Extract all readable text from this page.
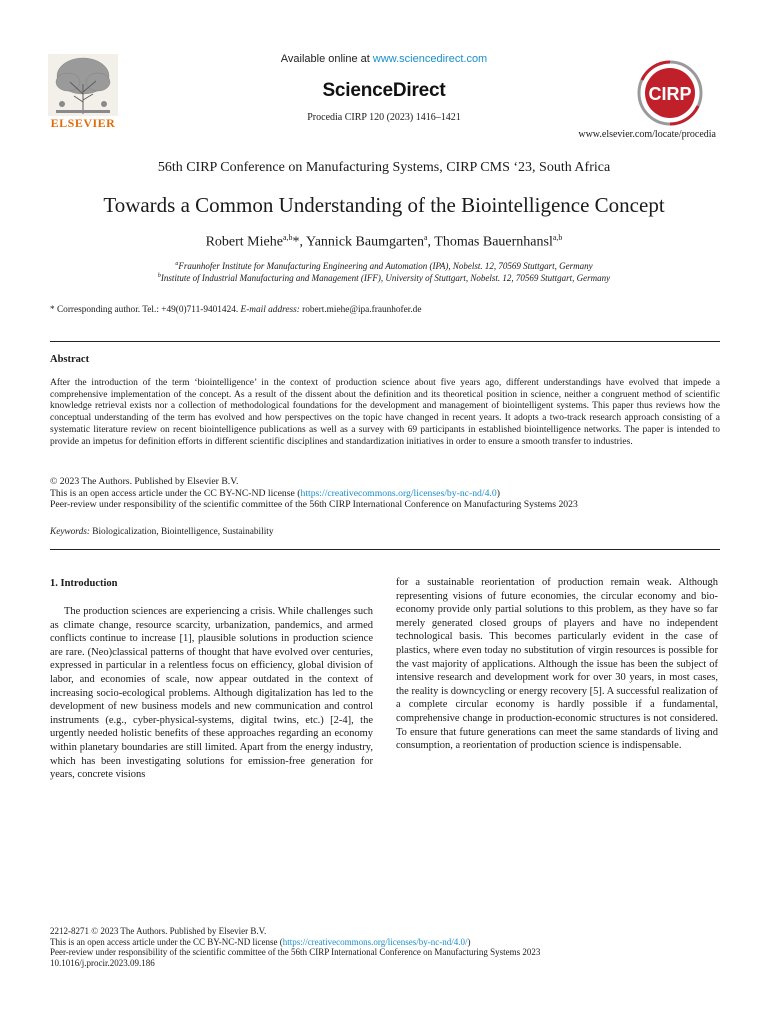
ELSEVIER
Available online at www.sciencedirect.com
ScienceDirect
Procedia CIRP 120 (2023) 1416–1421
CIRP
www.elsevier.com/locate/procedia
56th CIRP Conference on Manufacturing Systems, CIRP CMS ‘23, South Africa
Towards a Common Understanding of the Biointelligence Concept
Robert Miehe$^{a,b}$*, Yannick Baumgarten$^a$, Thomas Bauernhansl$^{a,b}$
$^a$Fraunhofer Institute for Manufacturing Engineering and Automation (IPA), Nobelst. 12, 70569 Stuttgart, Germany
$^b$Institute of Industrial Manufacturing and Management (IFF), University of Stuttgart, Nobelst. 12, 70569 Stuttgart, Germany
* Corresponding author. Tel.: +49(0)711-9401424. E-mail address: robert.miehe@ipa.fraunhofer.de
Abstract
After the introduction of the term ‘biointelligence’ in the context of production science about five years ago, different understandings have evolved that impede a comprehensive implementation of the concept. As a result of the dissent about the definition and its theoretical position in science, neither a congruent method of scientific knowledge retrieval exists nor a collection of methodological foundations for the development and management of biointelligent systems. This paper thus reviews how the conceptual understanding of the term has evolved and how perspectives on the topic have changed in recent years. It adopts a two-track research approach consisting of a systematic literature review on recent biointelligence publications as well as a survey with 69 participants in established biointelligence networks. The paper is intended to provide an impetus for definition efforts in different scientific disciplines and standardization initiatives in order to ensure a smooth transfer to industries.
© 2023 The Authors. Published by Elsevier B.V.
This is an open access article under the CC BY-NC-ND license (https://creativecommons.org/licenses/by-nc-nd/4.0)
Peer-review under responsibility of the scientific committee of the 56th CIRP International Conference on Manufacturing Systems 2023
Keywords: Biologicalization, Biointelligence, Sustainability
1. Introduction
The production sciences are experiencing a crisis. While challenges such as climate change, resource scarcity, urbanization, pandemics, and armed conflicts continue to increase [1], plausible solutions in production science are rare. (Neo)classical patterns of thought that have evolved over centuries, expressed in particular in a relentless focus on efficiency, global division of labor, and economies of scale, now appear outdated in the context of increasing socio-ecological problems. Although digitalization has led to the development of new business models and new communication and control instruments (e.g., cyber-physical-systems, digital twins, etc.) [2-4], the urgently needed holistic benefits of these approaches regarding an economy within planetary boundaries are still limited. Apart from the energy industry, which has been investigating solutions for emission-free generation for years, concrete visions
for a sustainable reorientation of production remain weak. Although representing visions of future economies, the circular economy and bio-economy provide only partial solutions to this problem, as they have so far merely generated closed groups of players and have no independent technological basis. This becomes particularly evident in the case of plastics, where even today no substitution of virgin resources is possible for the vast majority of applications. Although the issue has been the subject of intensive research and development work for over 30 years, in most cases, the reality is downcycling or energy recovery [5]. A successful realization of a complete circular economy is hardly possible if a fundamental, comprehensive change in production-economic structures is not considered. To ensure that future generations can meet the same standards of living and consumption, a reorientation of production science is indispensable.
2212-8271 © 2023 The Authors. Published by Elsevier B.V.
This is an open access article under the CC BY-NC-ND license (https://creativecommons.org/licenses/by-nc-nd/4.0/)
Peer-review under responsibility of the scientific committee of the 56th CIRP International Conference on Manufacturing Systems 2023
10.1016/j.procir.2023.09.186
